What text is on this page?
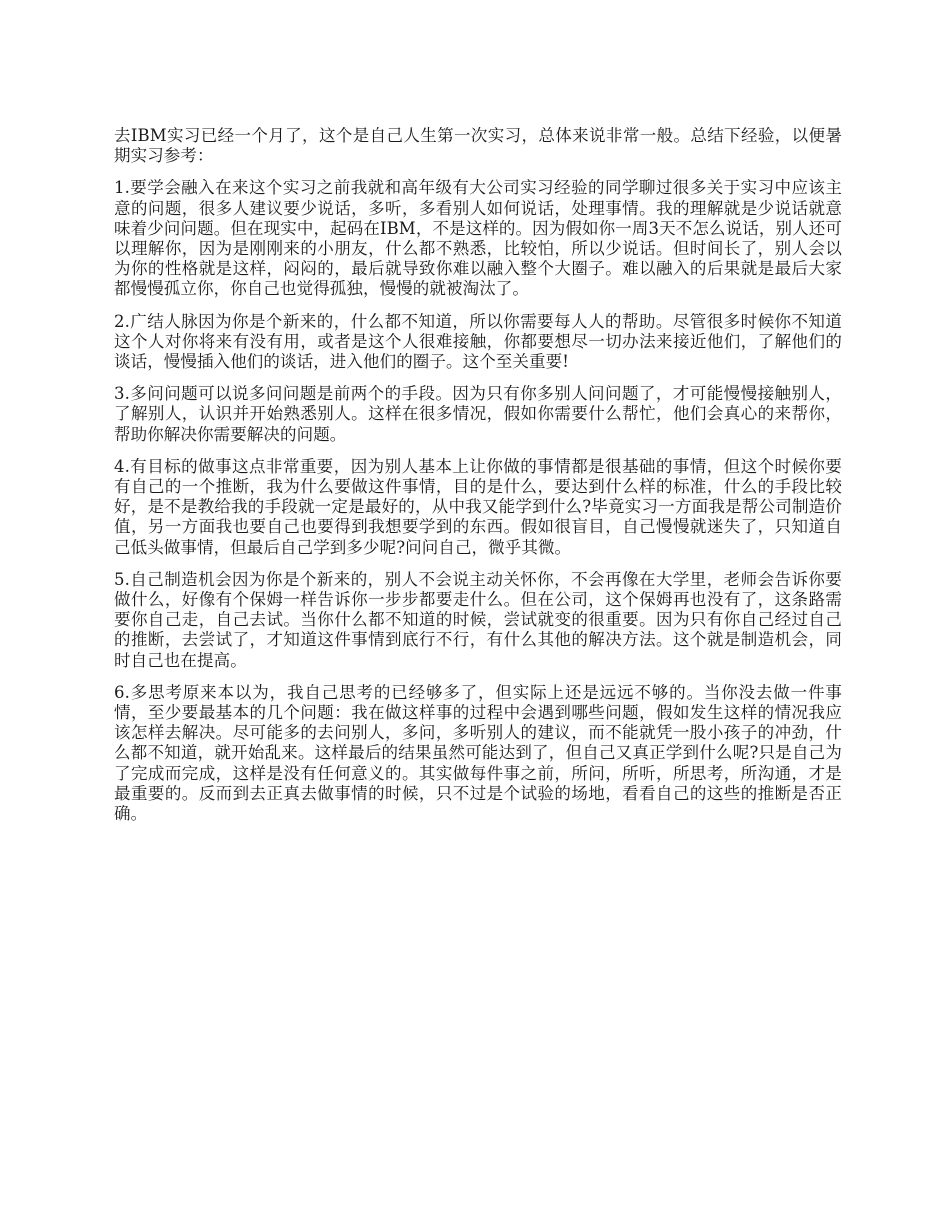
去IBM实习已经一个月了，这个是自己人生第一次实习，总体来说非常一般。总结下经验，以便暑期实习参考：

1.要学会融入在来这个实习之前我就和高年级有大公司实习经验的同学聊过很多关于实习中应该主意的问题，很多人建议要少说话，多听，多看别人如何说话，处理事情。我的理解就是少说话就意味着少问问题。但在现实中，起码在IBM，不是这样的。因为假如你一周3天不怎么说话，别人还可以理解你，因为是刚刚来的小朋友，什么都不熟悉，比较怕，所以少说话。但时间长了，别人会以为你的性格就是这样，闷闷的，最后就导致你难以融入整个大圈子。难以融入的后果就是最后大家都慢慢孤立你，你自己也觉得孤独，慢慢的就被淘汰了。

2.广结人脉因为你是个新来的，什么都不知道，所以你需要每人人的帮助。尽管很多时候你不知道这个人对你将来有没有用，或者是这个人很难接触，你都要想尽一切办法来接近他们，了解他们的谈话，慢慢插入他们的谈话，进入他们的圈子。这个至关重要!

3.多问问题可以说多问问题是前两个的手段。因为只有你多别人问问题了，才可能慢慢接触别人，了解别人，认识并开始熟悉别人。这样在很多情况，假如你需要什么帮忙，他们会真心的来帮你，帮助你解决你需要解决的问题。

4.有目标的做事这点非常重要，因为别人基本上让你做的事情都是很基础的事情，但这个时候你要有自己的一个推断，我为什么要做这件事情，目的是什么，要达到什么样的标准，什么的手段比较好，是不是教给我的手段就一定是最好的，从中我又能学到什么?毕竟实习一方面我是帮公司制造价值，另一方面我也要自己也要得到我想要学到的东西。假如很盲目，自己慢慢就迷失了，只知道自己低头做事情，但最后自己学到多少呢?问问自己，微乎其微。

5.自己制造机会因为你是个新来的，别人不会说主动关怀你，不会再像在大学里，老师会告诉你要做什么，好像有个保姆一样告诉你一步步都要走什么。但在公司，这个保姆再也没有了，这条路需要你自己走，自己去试。当你什么都不知道的时候，尝试就变的很重要。因为只有你自己经过自己的推断，去尝试了，才知道这件事情到底行不行，有什么其他的解决方法。这个就是制造机会，同时自己也在提高。

6.多思考原来本以为，我自己思考的已经够多了，但实际上还是远远不够的。当你没去做一件事情，至少要最基本的几个问题：我在做这样事的过程中会遇到哪些问题，假如发生这样的情况我应该怎样去解决。尽可能多的去问别人，多问，多听别人的建议，而不能就凭一股小孩子的冲劲，什么都不知道，就开始乱来。这样最后的结果虽然可能达到了，但自己又真正学到什么呢?只是自己为了完成而完成，这样是没有任何意义的。其实做每件事之前，所问，所听，所思考，所沟通，才是最重要的。反而到去正真去做事情的时候，只不过是个试验的场地，看看自己的这些的推断是否正确。
